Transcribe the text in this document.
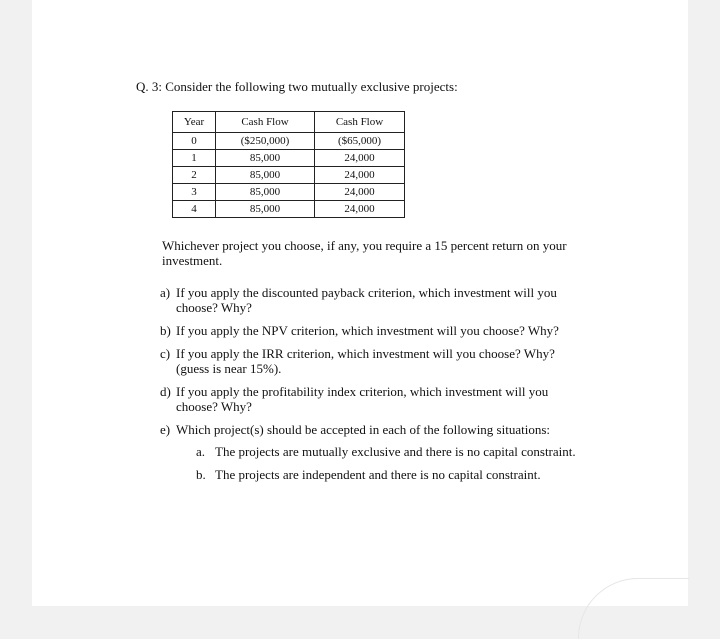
Q. 3: Consider the following two mutually exclusive projects:
Year	Cash Flow	Cash Flow
0	($250,000)	($65,000)
1	85,000	24,000
2	85,000	24,000
3	85,000	24,000
4	85,000	24,000
Whichever project you choose, if any, you require a 15 percent return on your investment.
a) If you apply the discounted payback criterion, which investment will you choose? Why?
b) If you apply the NPV criterion, which investment will you choose? Why?
c) If you apply the IRR criterion, which investment will you choose? Why? (guess is near 15%).
d) If you apply the profitability index criterion, which investment will you choose? Why?
e) Which project(s) should be accepted in each of the following situations:
a. The projects are mutually exclusive and there is no capital constraint.
b. The projects are independent and there is no capital constraint.
